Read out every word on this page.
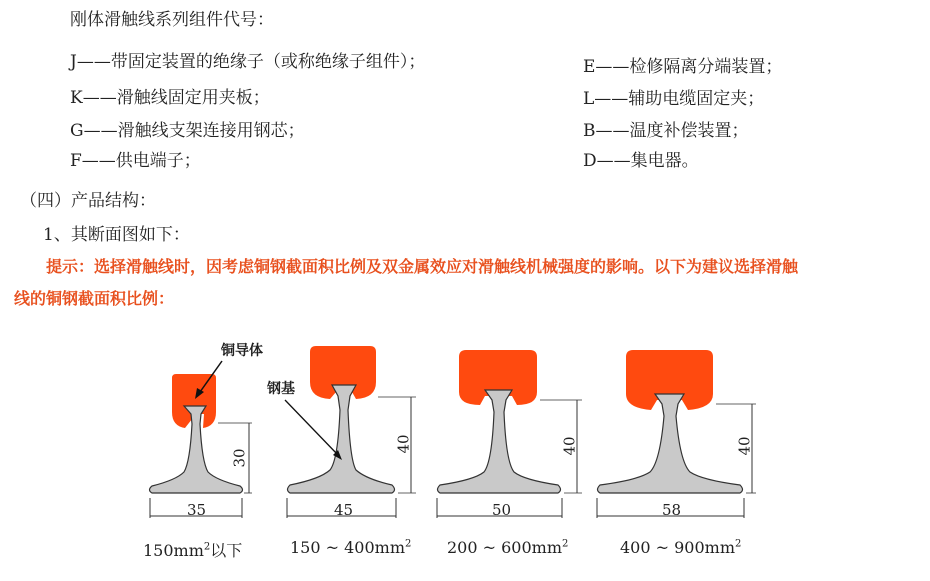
刚体滑触线系列组件代号：
J——带固定装置的绝缘子（或称绝缘子组件）；
K——滑触线固定用夹板；
G——滑触线支架连接用钢芯；
F——供电端子；
E——检修隔离分端装置；
L——辅助电缆固定夹；
B——温度补偿装置；
D——集电器。
（四）产品结构：
1、其断面图如下：
提示：选择滑触线时，因考虑铜钢截面积比例及双金属效应对滑触线机械强度的影响。以下为建议选择滑触
线的铜钢截面积比例：
铜导体
钢基
35
30
45
40
50
40
58
40
$150mm^2$以下	150 ~ $400mm^2$ 200 ~ $600mm^2$	400 ~ $900mm^2$
